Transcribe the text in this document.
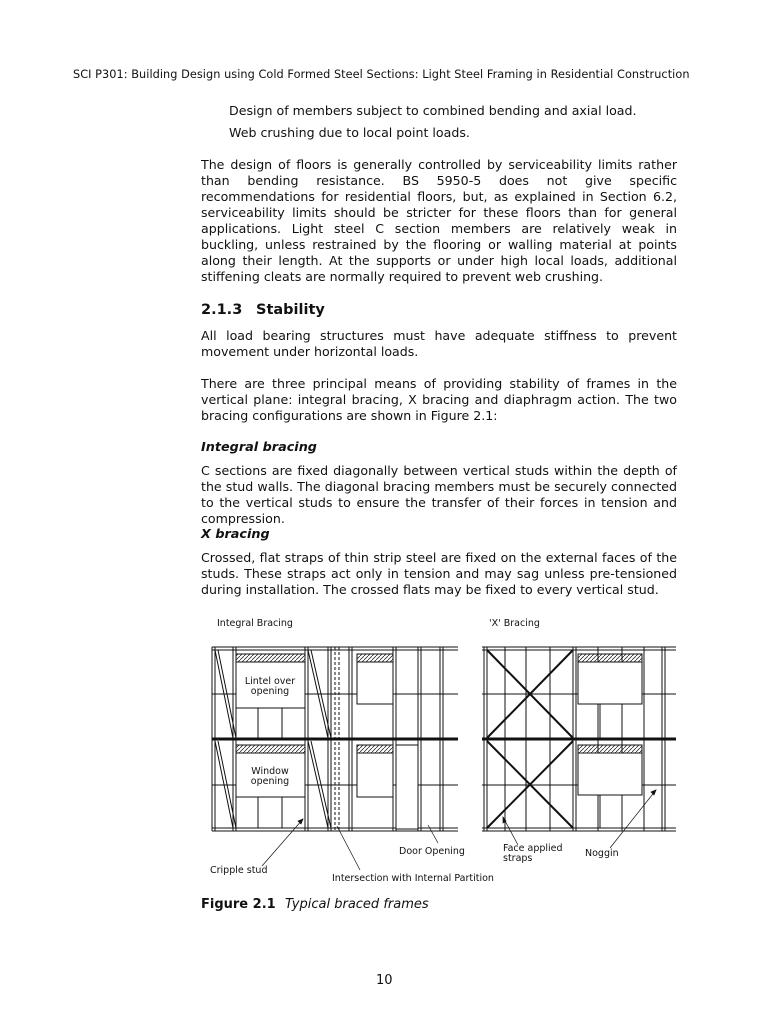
SCI P301: Building Design using Cold Formed Steel Sections: Light Steel Framing in Residential Construction
Design of members subject to combined bending and axial load.
Web crushing due to local point loads.

The design of floors is generally controlled by serviceability limits rather than bending resistance. BS 5950-5 does not give specific recommendations for residential floors, but, as explained in Section 6.2, serviceability limits should be stricter for these floors than for general applications. Light steel C section members are relatively weak in buckling, unless restrained by the flooring or walling material at points along their length. At the supports or under high local loads, additional stiffening cleats are normally required to prevent web crushing.

2.1.3 Stability

All load bearing structures must have adequate stiffness to prevent movement under horizontal loads.

There are three principal means of providing stability of frames in the vertical plane: integral bracing, X bracing and diaphragm action. The two bracing configurations are shown in Figure 2.1:

Integral bracing

C sections are fixed diagonally between vertical studs within the depth of the stud walls. The diagonal bracing members must be securely connected to the vertical studs to ensure the transfer of their forces in tension and compression.

X bracing

Crossed, flat straps of thin strip steel are fixed on the external faces of the studs. These straps act only in tension and may sag unless pre-tensioned during installation. The crossed flats may be fixed to every vertical stud.

Integral Bracing	'X' Bracing
Lintel over
opening
Window
opening
Door Opening	Face applied
straps	Noggin
Cripple stud
Intersection with Internal Partition
Figure 2.1 Typical braced frames
10
